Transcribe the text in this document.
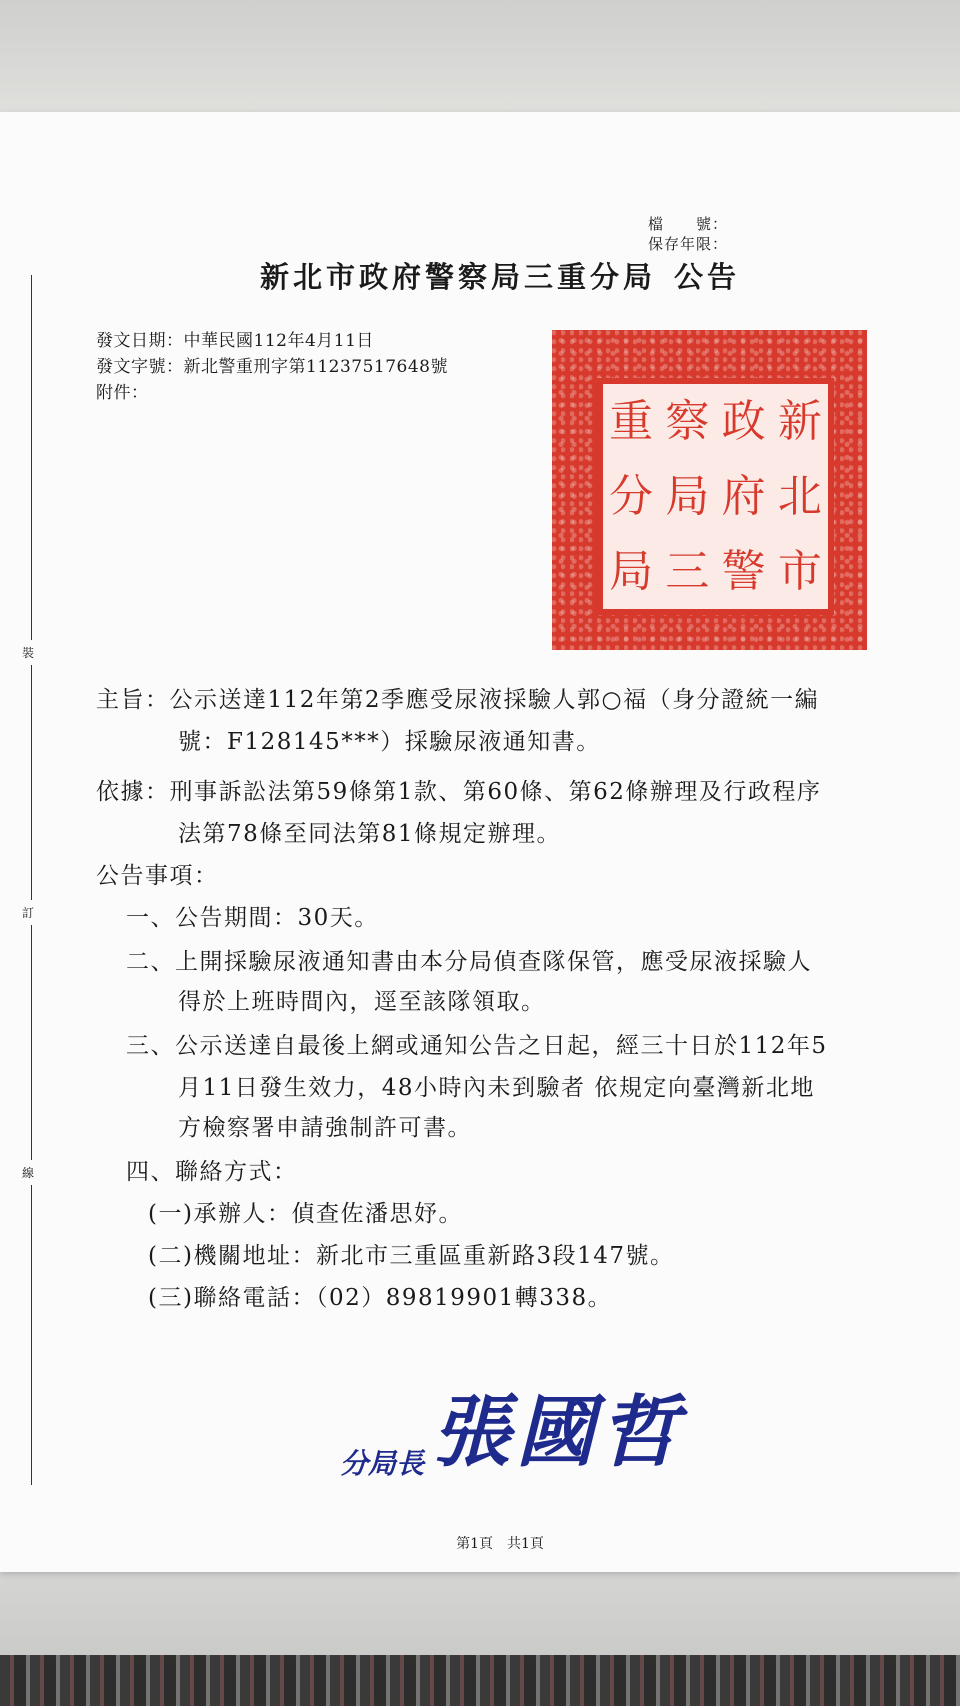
檔　　號：
保存年限：
新北市政府警察局三重分局 公告
發文日期：中華民國112年4月11日
發文字號：新北警重刑字第11237517648號
附件：
裝
訂
線
新
北
市
政
府
警
察
局
三
重
分
局
主旨：公示送達112年第2季應受尿液採驗人郭○福（身分證統一編
號：F128145***）採驗尿液通知書。
依據：刑事訴訟法第59條第1款、第60條、第62條辦理及行政程序
法第78條至同法第81條規定辦理。
公告事項：
一、公告期間：30天。
二、上開採驗尿液通知書由本分局偵查隊保管，應受尿液採驗人
得於上班時間內，逕至該隊領取。
三、公示送達自最後上網或通知公告之日起，經三十日於112年5
月11日發生效力，48小時內未到驗者 依規定向臺灣新北地
方檢察署申請強制許可書。
四、聯絡方式：
(一)承辦人：偵查佐潘思妤。
(二)機關地址：新北市三重區重新路3段147號。
(三)聯絡電話：（02）89819901轉338。
分局長 張國哲
第1頁 共1頁
